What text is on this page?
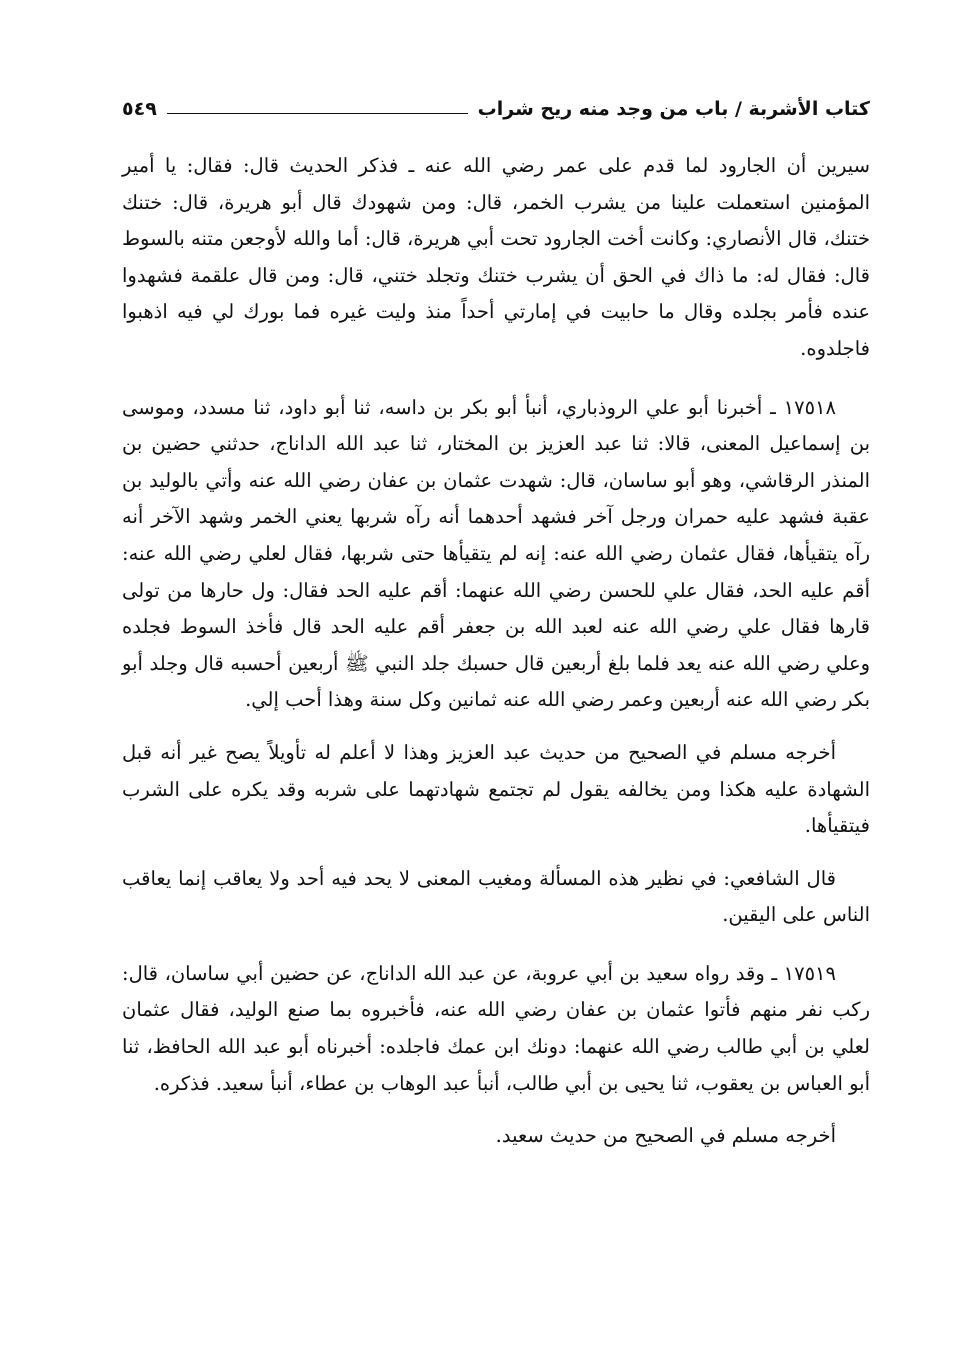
كتاب الأشربة / باب من وجد منه ريح شراب
٥٤٩

سيرين أن الجارود لما قدم على عمر رضي الله عنه ـ فذكر الحديث قال: فقال: يا أمير المؤمنين استعملت علينا من يشرب الخمر، قال: ومن شهودك قال أبو هريرة، قال: ختنك ختنك، قال الأنصاري: وكانت أخت الجارود تحت أبي هريرة، قال: أما والله لأوجعن متنه بالسوط قال: فقال له: ما ذاك في الحق أن يشرب ختنك وتجلد ختني، قال: ومن قال علقمة فشهدوا عنده فأمر بجلده وقال ما حابيت في إمارتي أحداً منذ وليت غيره فما بورك لي فيه اذهبوا فاجلدوه.

١٧٥١٨ ـ أخبرنا أبو علي الروذباري، أنبأ أبو بكر بن داسه، ثنا أبو داود، ثنا مسدد، وموسى بن إسماعيل المعنى، قالا: ثنا عبد العزيز بن المختار، ثنا عبد الله الداناج، حدثني حضين بن المنذر الرقاشي، وهو أبو ساسان، قال: شهدت عثمان بن عفان رضي الله عنه وأتي بالوليد بن عقبة فشهد عليه حمران ورجل آخر فشهد أحدهما أنه رآه شربها يعني الخمر وشهد الآخر أنه رآه يتقيأها، فقال عثمان رضي الله عنه: إنه لم يتقيأها حتى شربها، فقال لعلي رضي الله عنه: أقم عليه الحد، فقال علي للحسن رضي الله عنهما: أقم عليه الحد فقال: ول حارها من تولى قارها فقال علي رضي الله عنه لعبد الله بن جعفر أقم عليه الحد قال فأخذ السوط فجلده وعلي رضي الله عنه يعد فلما بلغ أربعين قال حسبك جلد النبي ﷺ أربعين أحسبه قال وجلد أبو بكر رضي الله عنه أربعين وعمر رضي الله عنه ثمانين وكل سنة وهذا أحب إلي.

أخرجه مسلم في الصحيح من حديث عبد العزيز وهذا لا أعلم له تأويلاً يصح غير أنه قبل الشهادة عليه هكذا ومن يخالفه يقول لم تجتمع شهادتهما على شربه وقد يكره على الشرب فيتقيأها.

قال الشافعي: في نظير هذه المسألة ومغيب المعنى لا يحد فيه أحد ولا يعاقب إنما يعاقب الناس على اليقين.

١٧٥١٩ ـ وقد رواه سعيد بن أبي عروبة، عن عبد الله الداناج، عن حضين أبي ساسان، قال: ركب نفر منهم فأتوا عثمان بن عفان رضي الله عنه، فأخبروه بما صنع الوليد، فقال عثمان لعلي بن أبي طالب رضي الله عنهما: دونك ابن عمك فاجلده: أخبرناه أبو عبد الله الحافظ، ثنا أبو العباس بن يعقوب، ثنا يحيى بن أبي طالب، أنبأ عبد الوهاب بن عطاء، أنبأ سعيد. فذكره.

أخرجه مسلم في الصحيح من حديث سعيد.
